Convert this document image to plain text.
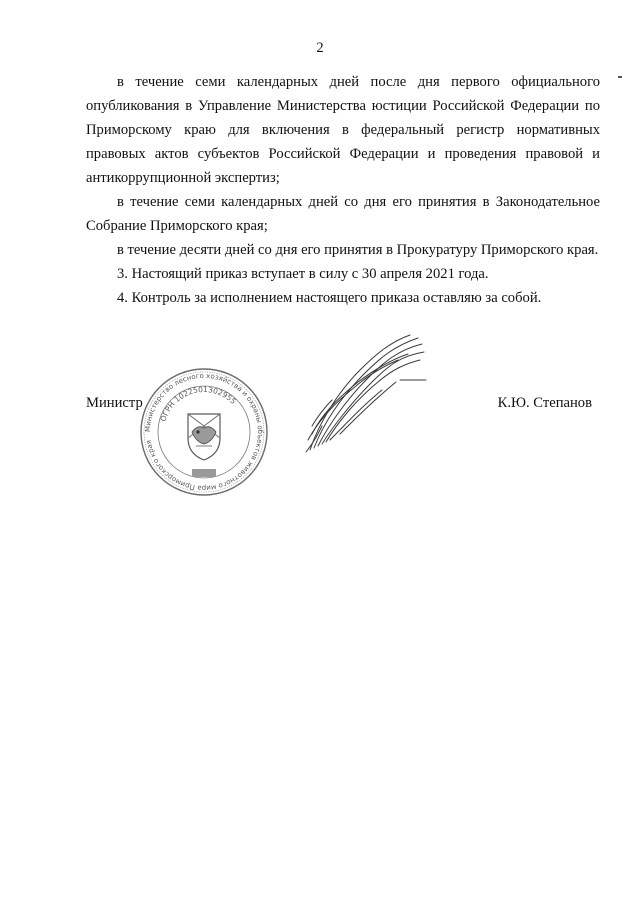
2

в течение семи календарных дней после дня первого официального опубликования в Управление Министерства юстиции Российской Федерации по Приморскому краю для включения в федеральный регистр нормативных правовых актов субъектов Российской Федерации и проведения правовой и антикоррупционной экспертиз;

в течение семи календарных дней со дня его принятия в Законодательное Собрание Приморского края;

в течение десяти дней со дня его принятия в Прокуратуру Приморского края.

3. Настоящий приказ вступает в силу с 30 апреля 2021 года.

4. Контроль за исполнением настоящего приказа оставляю за собой.

Министр	К.Ю. Степанов
Министерство лесного хозяйства и охраны объектов животного мира Приморского края
ОГРН 1022501302955
